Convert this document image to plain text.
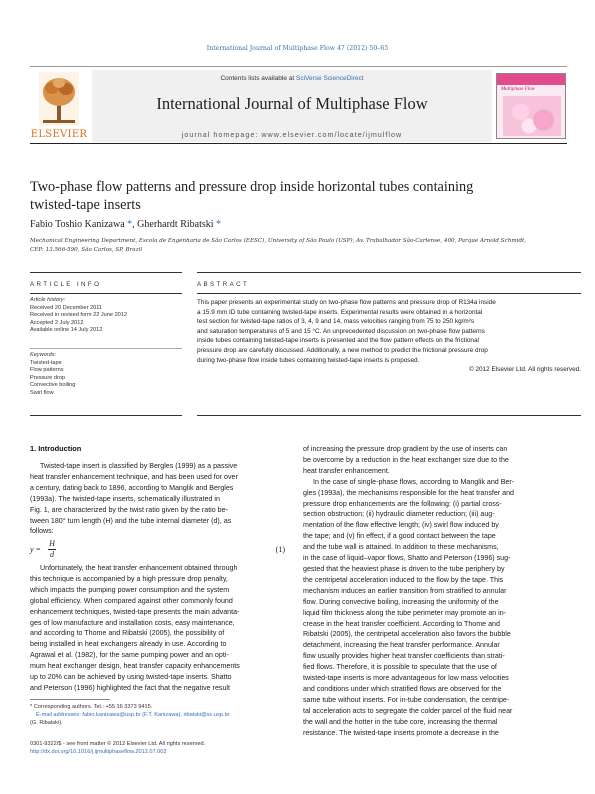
International Journal of Multiphase Flow 47 (2012) 50–65
ELSEVIER
Contents lists available at SciVerse ScienceDirect
International Journal of Multiphase Flow
journal homepage: www.elsevier.com/locate/ijmulflow
Multiphase Flow
Two-phase flow patterns and pressure drop inside horizontal tubes containing
twisted-tape inserts
Fabio Toshio Kanizawa *, Gherhardt Ribatski *
Mechanical Engineering Department, Escola de Engenharia de São Carlos (EESC), University of São Paulo (USP), Av. Trabalhador São-Carlense, 400, Parque Arnold Schmidt,
CEP: 13.566-590, São Carlos, SP, Brazil
ARTICLE INFO
Article history:
Received 20 December 2011
Received in revised form 22 June 2012
Accepted 2 July 2012
Available online 14 July 2012
Keywords:
Twisted-tape
Flow patterns
Pressure drop
Convective boiling
Swirl flow
ABSTRACT
This paper presents an experimental study on two-phase flow patterns and pressure drop of R134a inside
a 15.9 mm ID tube containing twisted-tape inserts. Experimental results were obtained in a horizontal
test section for twisted-tape ratios of 3, 4, 9 and 14, mass velocities ranging from 75 to 250 kg/m²s
and saturation temperatures of 5 and 15 °C. An unprecedented discussion on two-phase flow patterns
inside tubes containing twisted-tape inserts is presented and the flow pattern effects on the frictional
pressure drop are carefully discussed. Additionally, a new method to predict the frictional pressure drop
during two-phase flow inside tubes containing twisted-tape inserts is proposed.
© 2012 Elsevier Ltd. All rights reserved.
1. Introduction
Twisted-tape insert is classified by Bergles (1999) as a passive
heat transfer enhancement technique, and has been used for over
a century, dating back to 1896, according to Manglik and Bergles
(1993a). The twisted-tape inserts, schematically illustrated in
Fig. 1, are characterized by the twist ratio given by the ratio be-
tween 180° turn length (H) and the tube internal diameter (d), as
follows:
y =
H
d
(1)
Unfortunately, the heat transfer enhancement obtained through
this technique is accompanied by a high pressure drop penalty,
which impacts the pumping power consumption and the system
global efficiency. When compared against other commonly found
enhancement techniques, twisted-tape presents the main advanta-
ges of low manufacture and installation costs, easy maintenance,
and according to Thome and Ribatski (2005), the possibility of
being installed in heat exchangers already in use. According to
Agrawal et al. (1982), for the same pumping power and an opti-
mum heat exchanger design, heat transfer capacity enhancements
up to 20% can be achieved by using twisted-tape inserts. Shatto
and Peterson (1996) highlighted the fact that the negative result
of increasing the pressure drop gradient by the use of inserts can
be overcome by a reduction in the heat exchanger size due to the
heat transfer enhancement.
In the case of single-phase flows, according to Manglik and Ber-
gles (1993a), the mechanisms responsible for the heat transfer and
pressure drop enhancements are the following: (i) partial cross-
section obstruction; (ii) hydraulic diameter reduction; (iii) aug-
mentation of the flow effective length; (iv) swirl flow induced by
the tape; and (v) fin effect, if a good contact between the tape
and the tube wall is attained. In addition to these mechanisms,
in the case of liquid–vapor flows, Shatto and Peterson (1996) sug-
gested that the heaviest phase is driven to the tube periphery by
the centripetal acceleration induced to the flow by the tape. This
mechanism induces an earlier transition from stratified to annular
flow. During convective boiling, increasing the uniformity of the
liquid film thickness along the tube perimeter may promote an in-
crease in the heat transfer coefficient. According to Thome and
Ribatski (2005), the centripetal acceleration also favors the bubble
detachment, increasing the heat transfer performance. Annular
flow usually provides higher heat transfer coefficients than strati-
fied flows. Therefore, it is possible to speculate that the use of
twisted-tape inserts is more advantageous for low mass velocities
and conditions under which stratified flows are observed for the
same tube without inserts. For in-tube condensation, the centripe-
tal acceleration acts to segregate the colder parcel of the fluid near
the wall and the hotter in the tube core, increasing the thermal
resistance. The twisted-tape inserts promote a decrease in the
* Corresponding authors. Tel.: +55 16 3373 9415.
E-mail addresses: fabio.kanizawa@usp.br (F.T. Kanizawa), ribatski@sc.usp.br
(G. Ribatski).
0301-9322/$ - see front matter © 2012 Elsevier Ltd. All rights reserved.
http://dx.doi.org/10.1016/j.ijmultiphaseflow.2012.07.003
